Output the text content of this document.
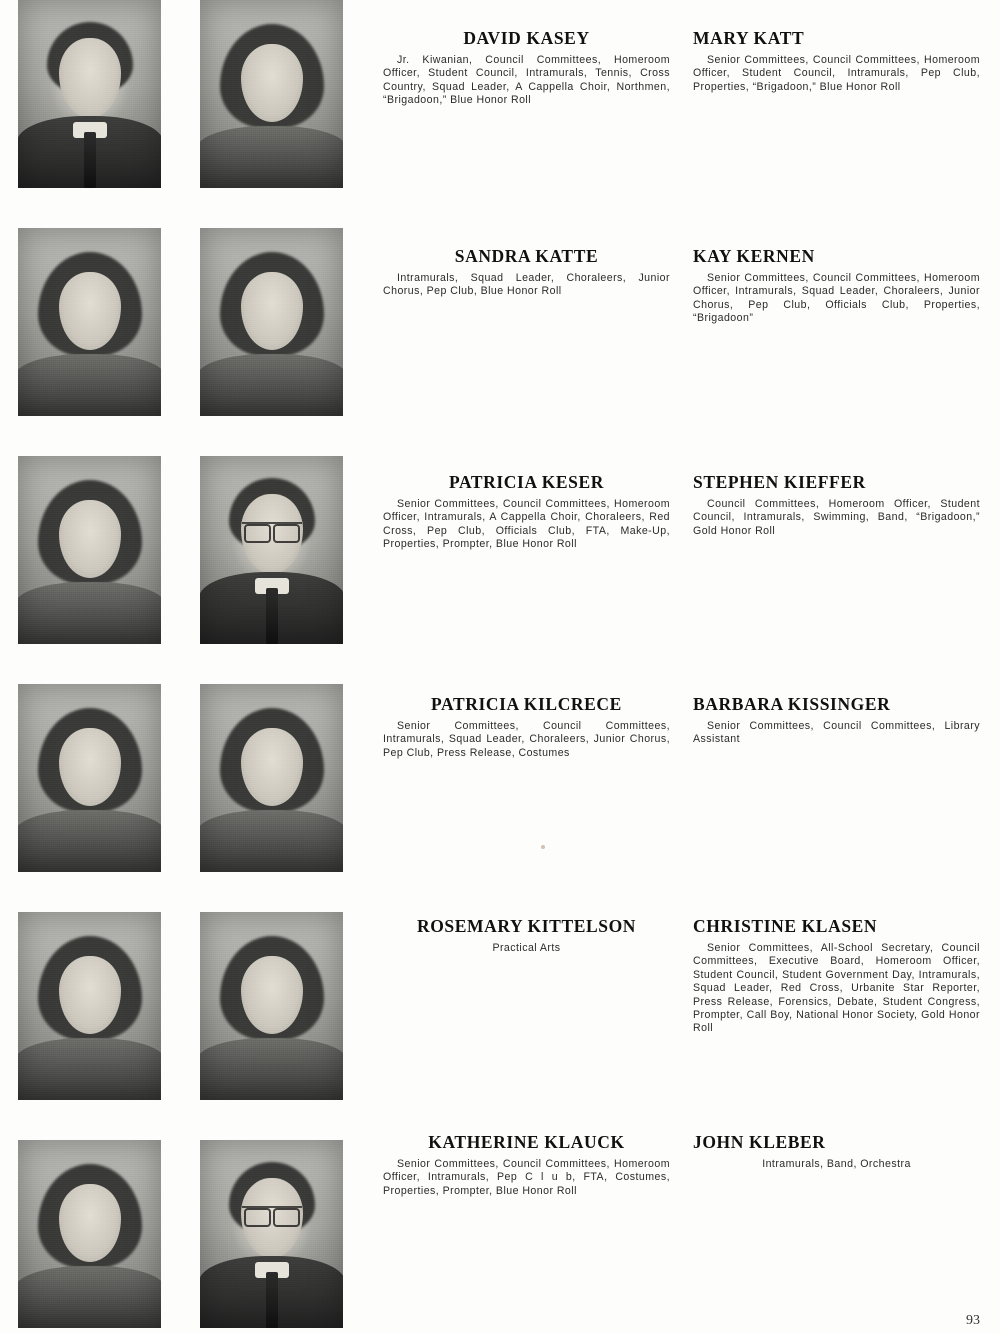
DAVID KASEY
Jr. Kiwanian, Council Committees, Homeroom Officer, Student Council, Intramurals, Tennis, Cross Country, Squad Leader, A Cappella Choir, Northmen, “Brigadoon,” Blue Honor Roll
MARY KATT
Senior Committees, Council Committees, Homeroom Officer, Student Council, Intramurals, Pep Club, Properties, “Brigadoon,” Blue Honor Roll
SANDRA KATTE
Intramurals, Squad Leader, Choraleers, Junior Chorus, Pep Club, Blue Honor Roll
KAY KERNEN
Senior Committees, Council Committees, Homeroom Officer, Intramurals, Squad Leader, Choraleers, Junior Chorus, Pep Club, Officials Club, Properties, “Brigadoon”
PATRICIA KESER
Senior Committees, Council Committees, Homeroom Officer, Intramurals, A Cappella Choir, Choraleers, Red Cross, Pep Club, Officials Club, FTA, Make-Up, Properties, Prompter, Blue Honor Roll
STEPHEN KIEFFER
Council Committees, Homeroom Officer, Student Council, Intramurals, Swimming, Band, “Brigadoon,” Gold Honor Roll
PATRICIA KILCRECE
Senior Committees, Council Committees, Intramurals, Squad Leader, Choraleers, Junior Chorus, Pep Club, Press Release, Costumes
BARBARA KISSINGER
Senior Committees, Council Committees, Library Assistant
ROSEMARY KITTELSON
Practical Arts
CHRISTINE KLASEN
Senior Committees, All-School Secretary, Council Committees, Executive Board, Homeroom Officer, Student Council, Student Government Day, Intramurals, Squad Leader, Red Cross, Urbanite Star Reporter, Press Release, Forensics, Debate, Student Congress, Prompter, Call Boy, National Honor Society, Gold Honor Roll
KATHERINE KLAUCK
Senior Committees, Council Committees, Homeroom Officer, Intramurals, Pep C l u b, FTA, Costumes, Properties, Prompter, Blue Honor Roll
JOHN KLEBER
Intramurals, Band, Orchestra
93
